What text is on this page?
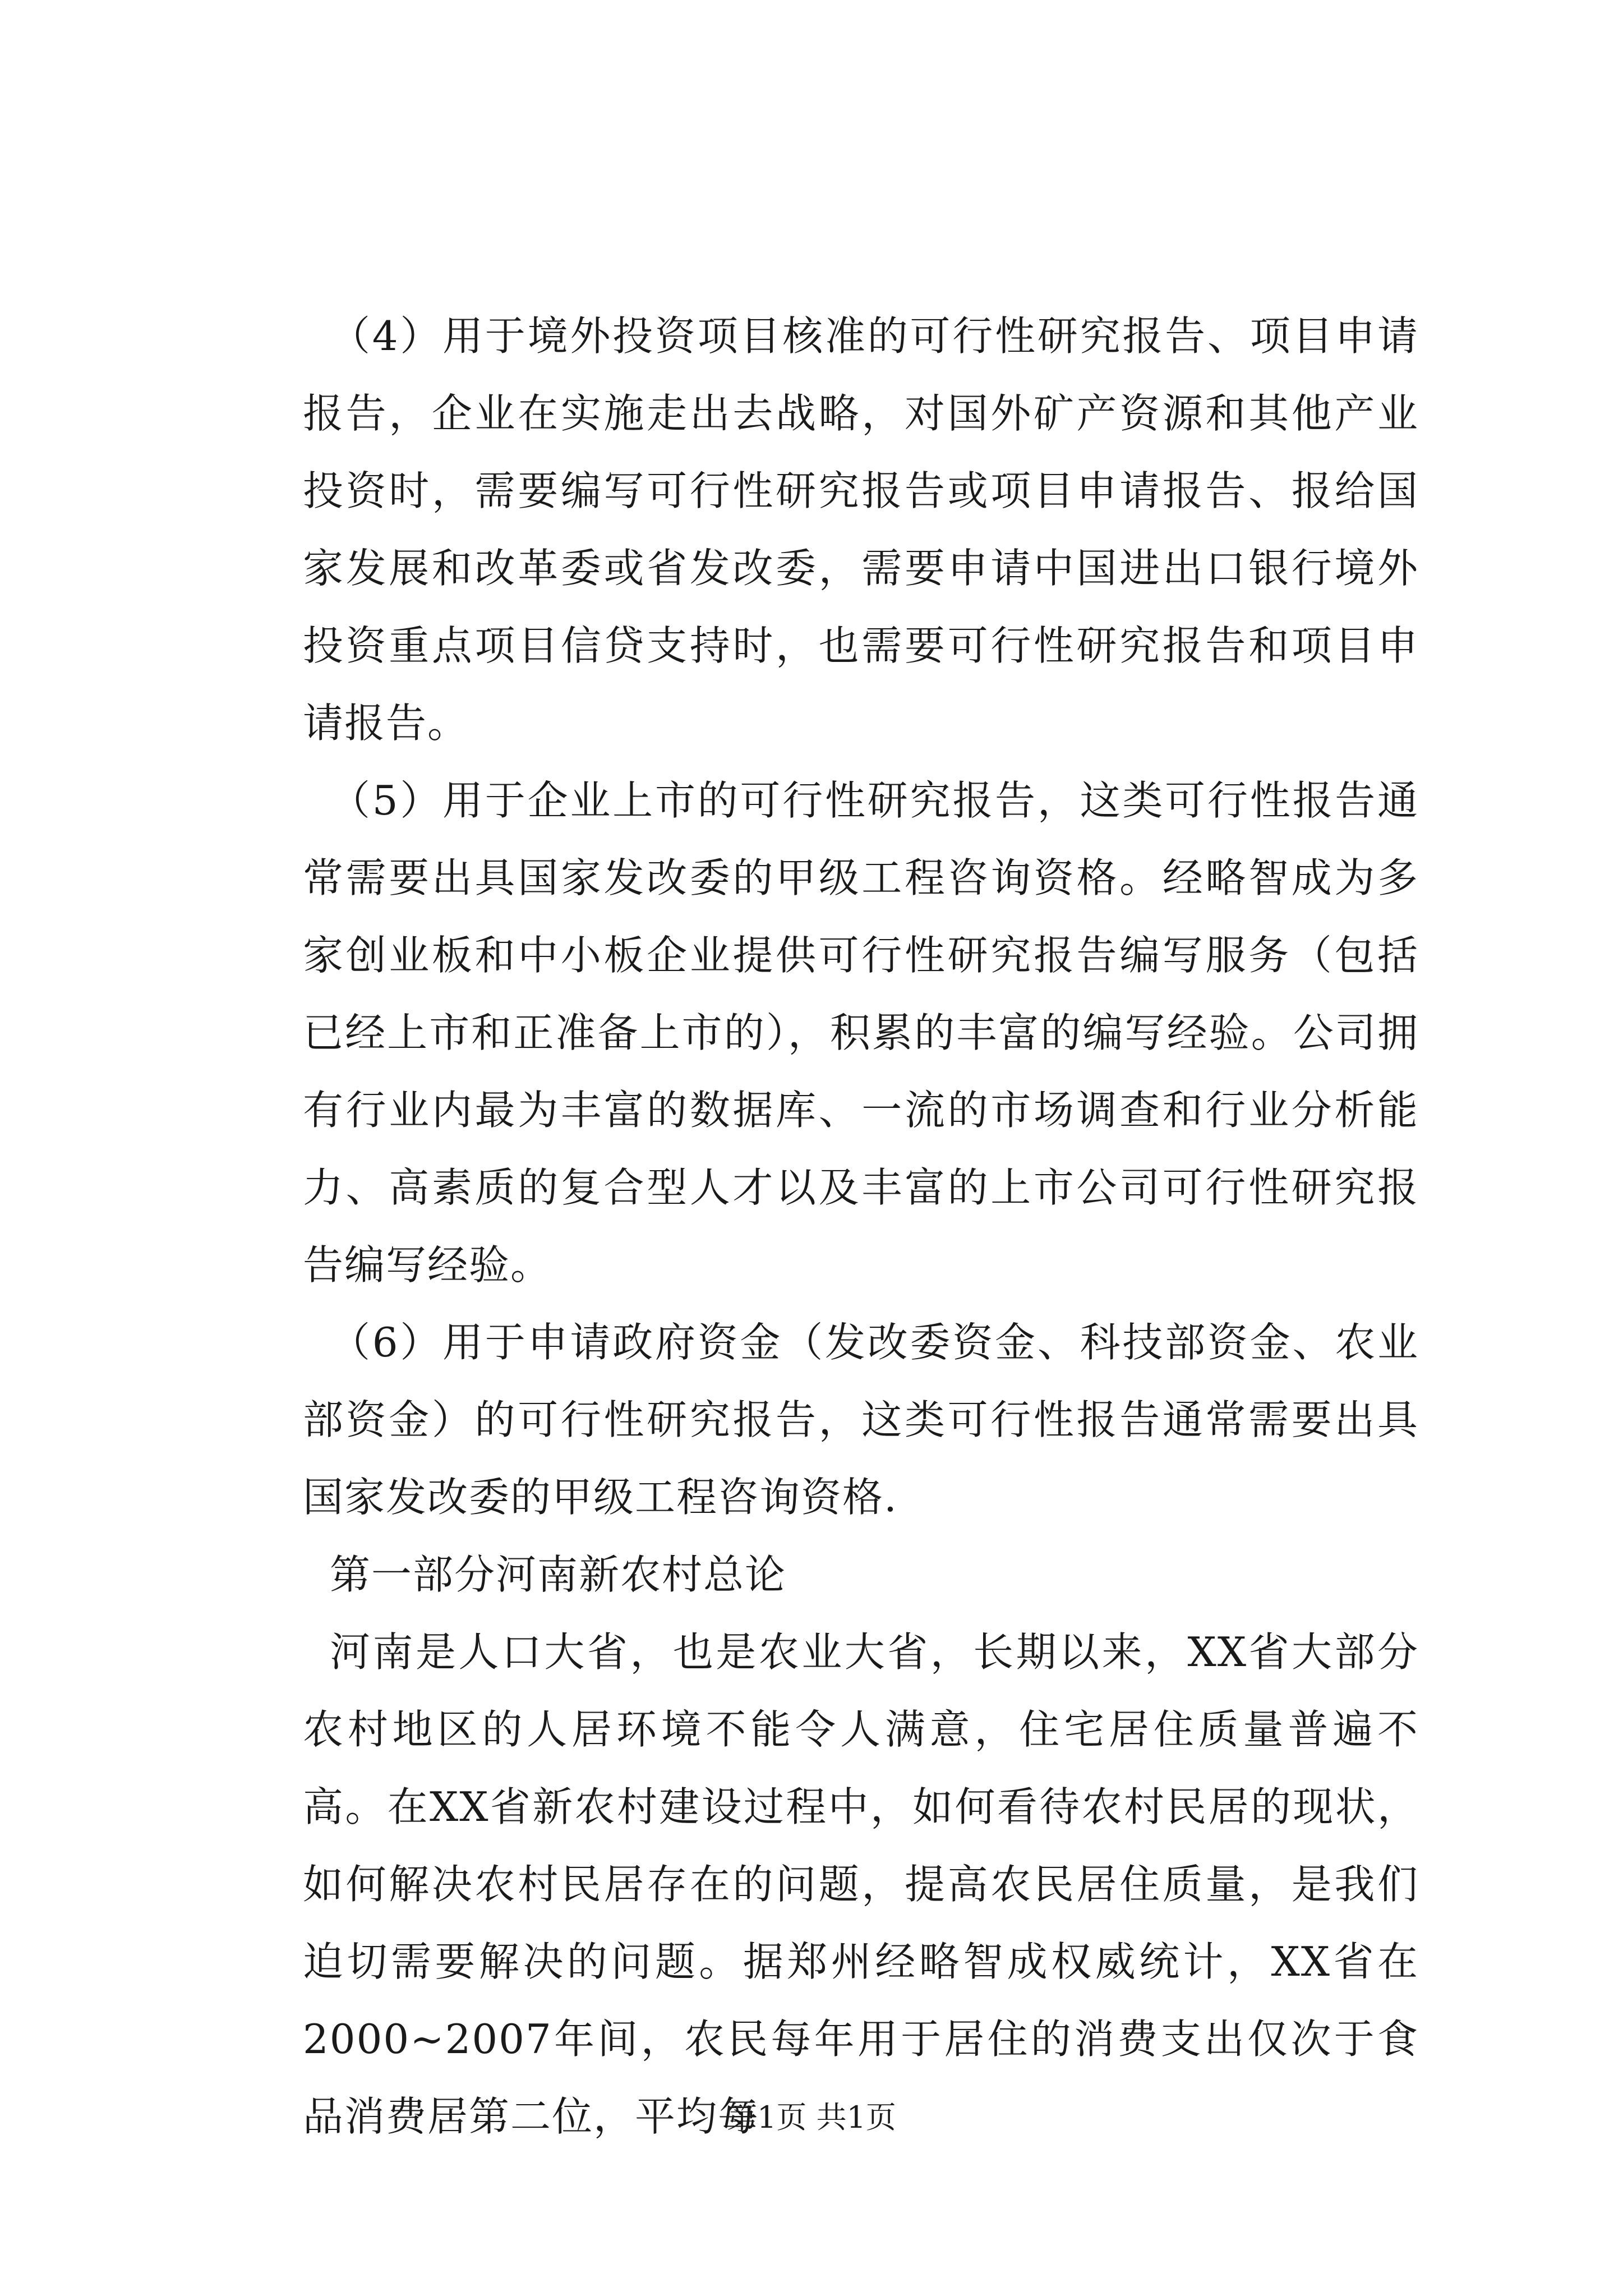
（4）用于境外投资项目核准的可行性研究报告、项目申请报告，企业在实施走出去战略，对国外矿产资源和其他产业投资时，需要编写可行性研究报告或项目申请报告、报给国家发展和改革委或省发改委，需要申请中国进出口银行境外投资重点项目信贷支持时，也需要可行性研究报告和项目申请报告。

（5）用于企业上市的可行性研究报告，这类可行性报告通常需要出具国家发改委的甲级工程咨询资格。经略智成为多家创业板和中小板企业提供可行性研究报告编写服务（包括已经上市和正准备上市的），积累的丰富的编写经验。公司拥有行业内最为丰富的数据库、一流的市场调查和行业分析能力、高素质的复合型人才以及丰富的上市公司可行性研究报告编写经验。

（6）用于申请政府资金（发改委资金、科技部资金、农业部资金）的可行性研究报告，这类可行性报告通常需要出具国家发改委的甲级工程咨询资格.

第一部分河南新农村总论

河南是人口大省，也是农业大省，长期以来，XX省大部分农村地区的人居环境不能令人满意，住宅居住质量普遍不高。在XX省新农村建设过程中，如何看待农村民居的现状，如何解决农村民居存在的问题，提高农民居住质量，是我们迫切需要解决的问题。据郑州经略智成权威统计，XX省在2000~2007年间，农民每年用于居住的消费支出仅次于食品消费居第二位，平均每

第1页 共1页
